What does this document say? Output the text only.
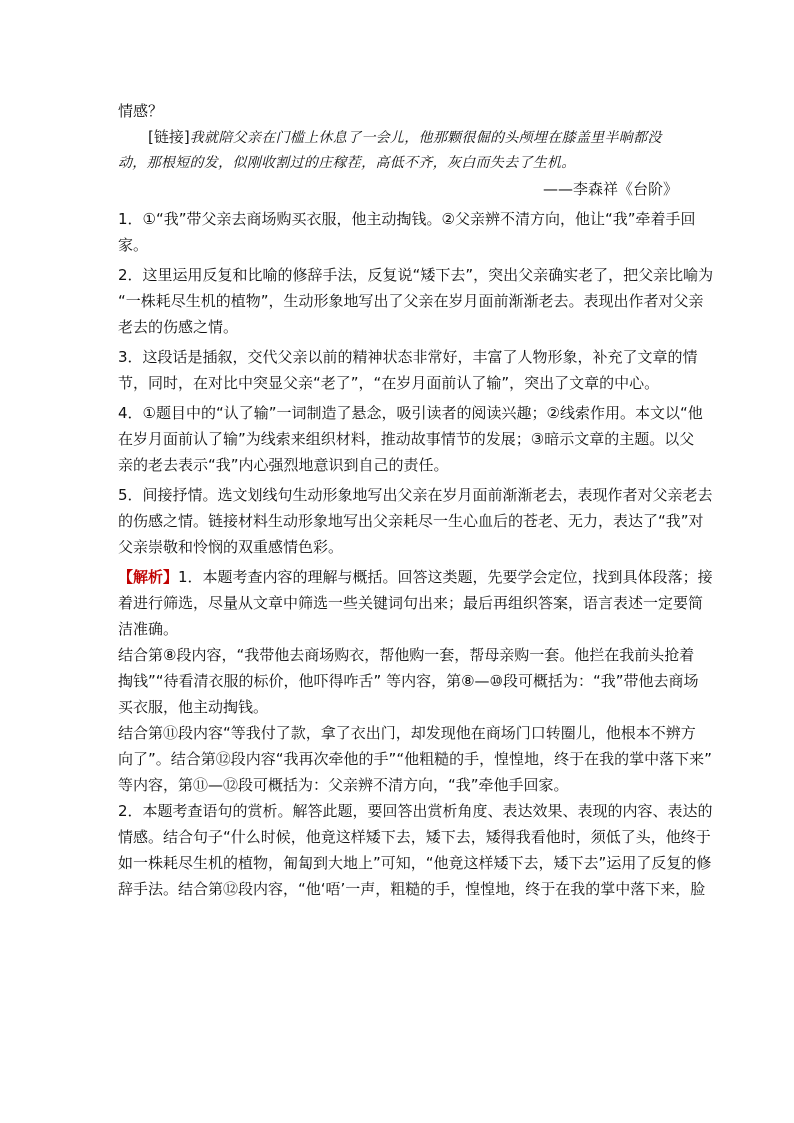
情感？
[链接]我就陪父亲在门槛上休息了一会儿，他那颗很倔的头颅埋在膝盖里半晌都没
动，那根短的发，似刚收割过的庄稼茬，高低不齐，灰白而失去了生机。
——李森祥《台阶》
1．①“我”带父亲去商场购买衣服，他主动掏钱。②父亲辨不清方向，他让“我”牵着手回
家。
2．这里运用反复和比喻的修辞手法，反复说“矮下去”，突出父亲确实老了，把父亲比喻为
“一株耗尽生机的植物”，生动形象地写出了父亲在岁月面前渐渐老去。表现出作者对父亲
老去的伤感之情。
3．这段话是插叙，交代父亲以前的精神状态非常好，丰富了人物形象，补充了文章的情
节，同时，在对比中突显父亲“老了”，“在岁月面前认了输”，突出了文章的中心。
4．①题目中的“认了输”一词制造了悬念，吸引读者的阅读兴趣；②线索作用。本文以“他
在岁月面前认了输”为线索来组织材料，推动故事情节的发展；③暗示文章的主题。以父
亲的老去表示“我”内心强烈地意识到自己的责任。
5．间接抒情。选文划线句生动形象地写出父亲在岁月面前渐渐老去，表现作者对父亲老去
的伤感之情。链接材料生动形象地写出父亲耗尽一生心血后的苍老、无力，表达了“我”对
父亲崇敬和怜悯的双重感情色彩。
【解析】1．本题考查内容的理解与概括。回答这类题，先要学会定位，找到具体段落；接
着进行筛选，尽量从文章中筛选一些关键词句出来；最后再组织答案，语言表述一定要简
洁准确。
结合第⑧段内容，“我带他去商场购衣，帮他购一套，帮母亲购一套。他拦在我前头抢着
掏钱”“待看清衣服的标价，他吓得咋舌” 等内容，第⑧—⑩段可概括为：“我”带他去商场
买衣服，他主动掏钱。
结合第⑪段内容“等我付了款，拿了衣出门，却发现他在商场门口转圈儿，他根本不辨方
向了”。结合第⑫段内容“我再次牵他的手”“他粗糙的手，惶惶地，终于在我的掌中落下来”
等内容，第⑪—⑫段可概括为：父亲辨不清方向，“我”牵他手回家。
2．本题考查语句的赏析。解答此题，要回答出赏析角度、表达效果、表现的内容、表达的
情感。结合句子“什么时候，他竟这样矮下去，矮下去，矮得我看他时，须低了头，他终于
如一株耗尽生机的植物，匍匐到大地上”可知，“他竟这样矮下去，矮下去”运用了反复的修
辞手法。结合第⑫段内容，“他‘唔’一声，粗糙的手，惶惶地，终于在我的掌中落下来，脸
